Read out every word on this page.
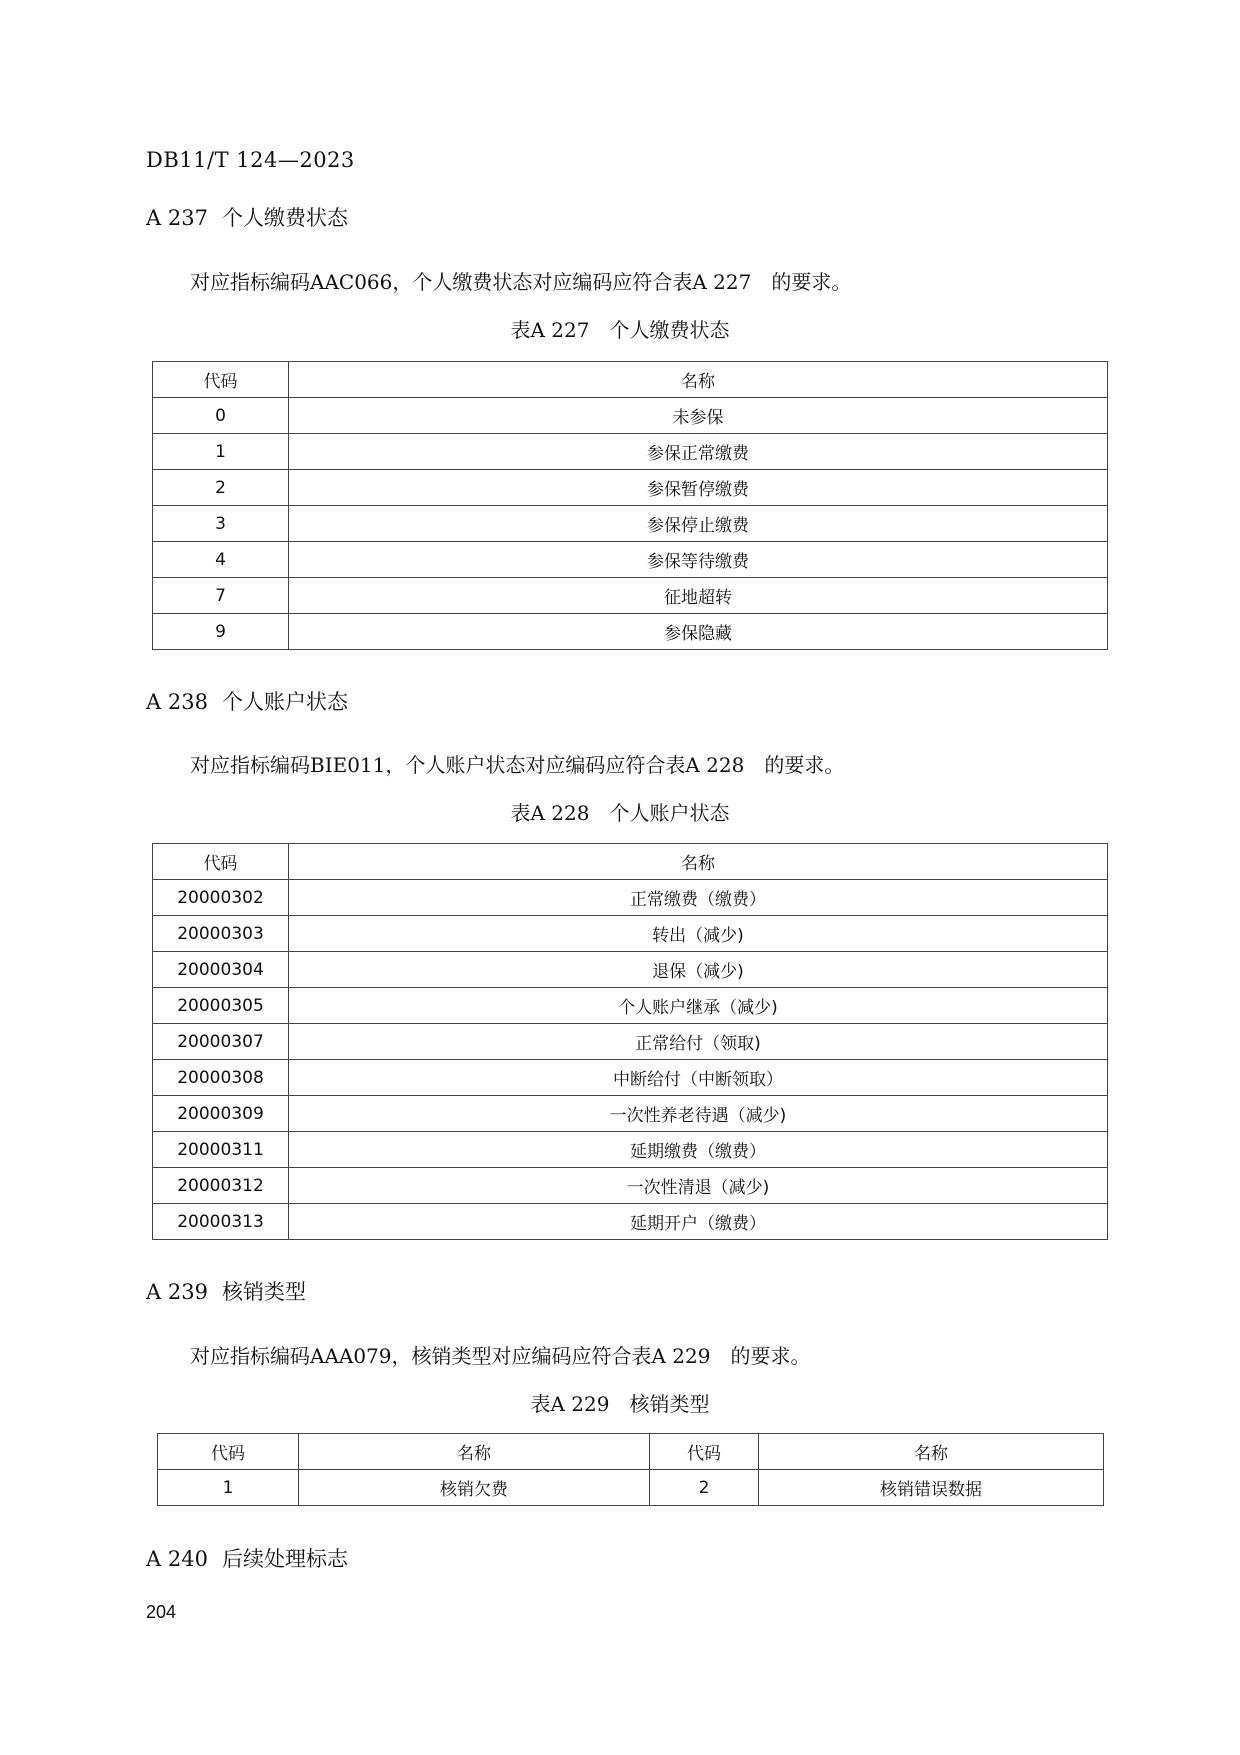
DB11/T 124—2023
A 237 个人缴费状态
对应指标编码AAC066，个人缴费状态对应编码应符合表A 227　的要求。
表A 227　个人缴费状态
代码	名称
0	未参保
1	参保正常缴费
2	参保暂停缴费
3	参保停止缴费
4	参保等待缴费
7	征地超转
9	参保隐藏
A 238 个人账户状态
对应指标编码BIE011，个人账户状态对应编码应符合表A 228　的要求。
表A 228　个人账户状态
代码	名称
20000302	正常缴费（缴费）
20000303	转出（减少)
20000304	退保（减少)
20000305	个人账户继承（减少)
20000307	正常给付（领取)
20000308	中断给付（中断领取）
20000309	一次性养老待遇（减少)
20000311	延期缴费（缴费）
20000312	一次性清退（减少)
20000313	延期开户（缴费）
A 239 核销类型
对应指标编码AAA079，核销类型对应编码应符合表A 229　的要求。
表A 229　核销类型
代码	名称	代码	名称
1	核销欠费	2	核销错误数据
A 240 后续处理标志
204
